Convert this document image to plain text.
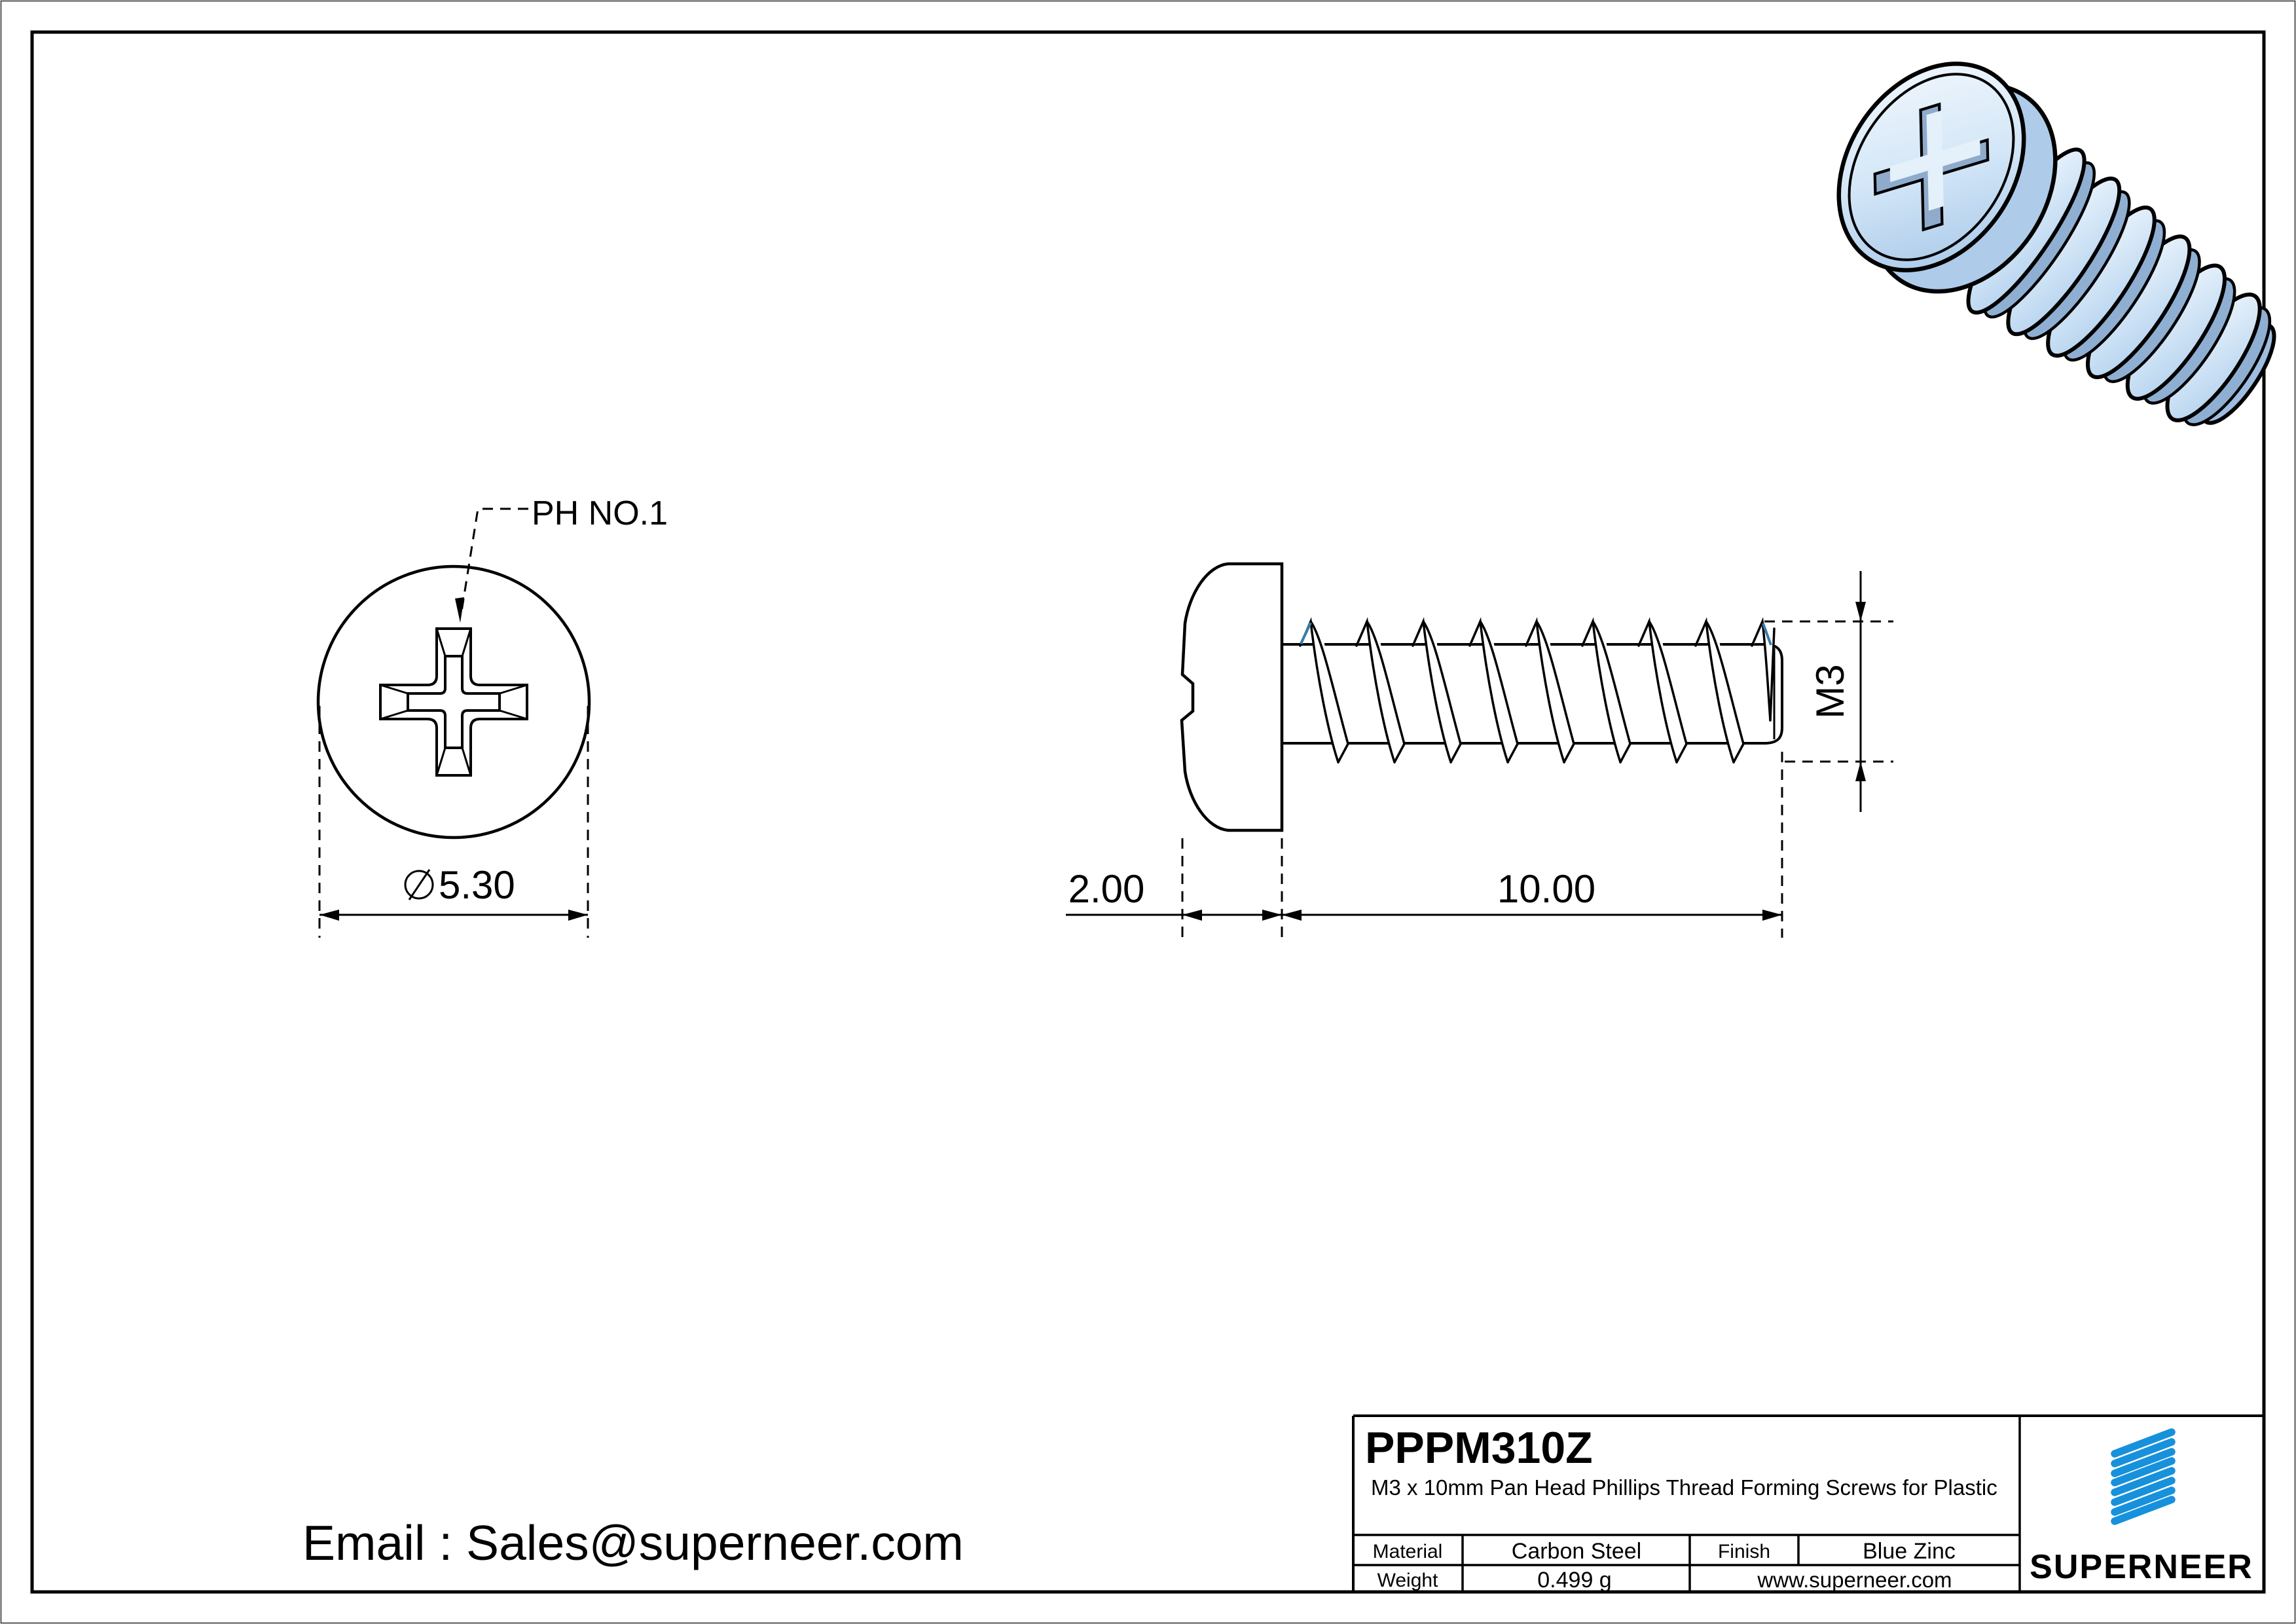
PH NO.1
5.30	2.00	10.00
M3
PPPM310Z
M3 x 10mm Pan Head Phillips Thread Forming Screws for Plastic
Material	Carbon Steel	Finish	Blue Zinc
Weight	0.499 g	www.superneer.com SUPERNEER
Email : Sales@superneer.com
